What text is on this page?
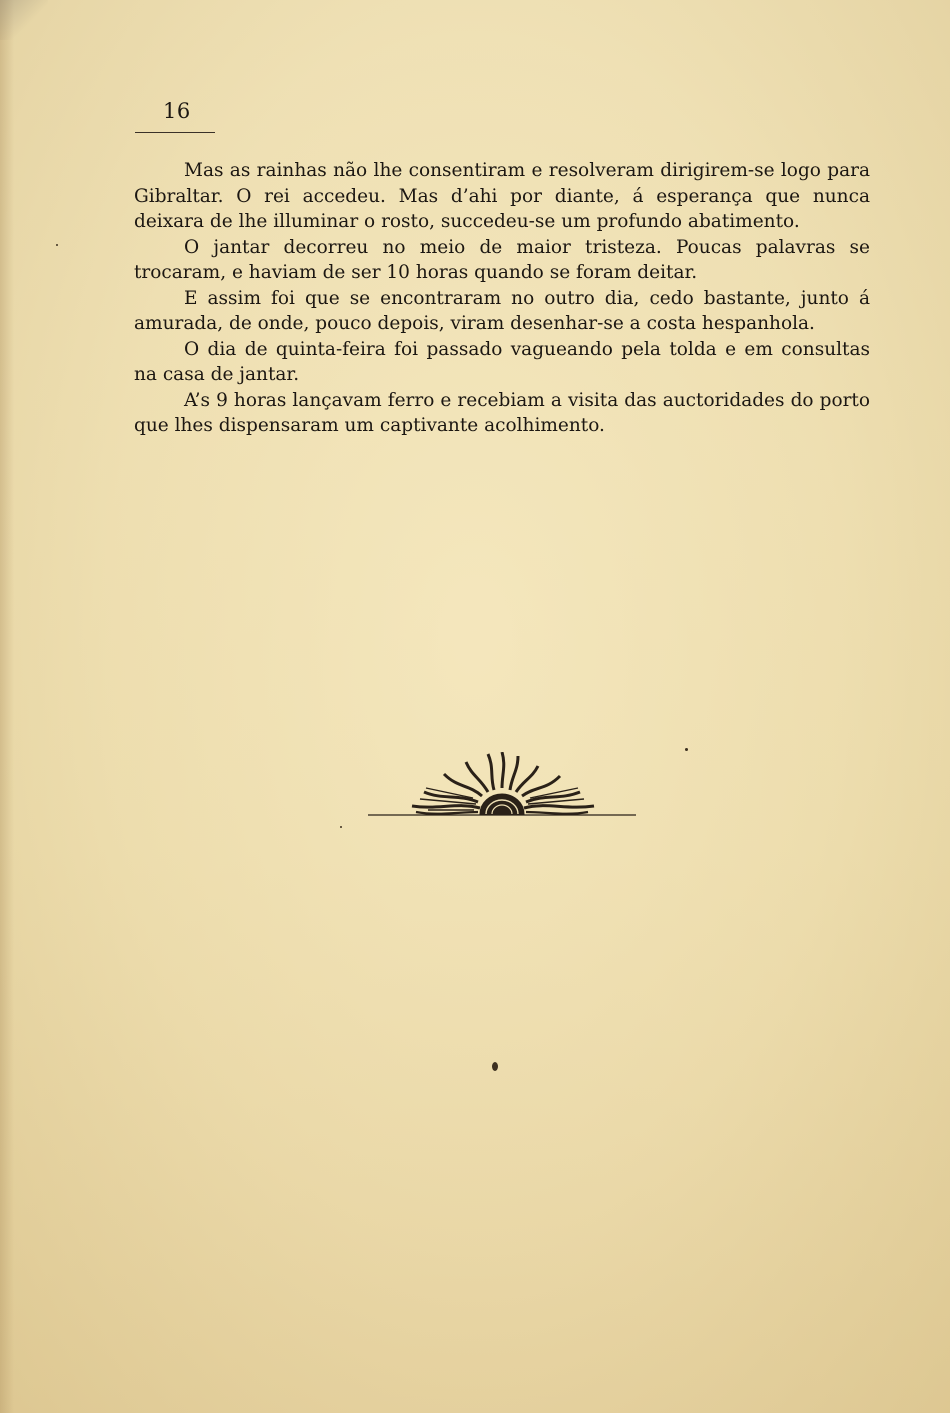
16

Mas as rainhas não lhe consentiram e resolveram dirigirem-se logo para Gibraltar. O rei accedeu. Mas d’ahi por diante, á esperança que nunca deixara de lhe illuminar o rosto, succedeu-se um profundo abatimento.

O jantar decorreu no meio de maior tristeza. Poucas palavras se trocaram, e haviam de ser 10 horas quando se foram deitar.

E assim foi que se encontraram no outro dia, cedo bastante, junto á amurada, de onde, pouco depois, viram desenhar-se a costa hespanhola.

O dia de quinta-feira foi passado vagueando pela tolda e em consultas na casa de jantar.

A’s 9 horas lançavam ferro e recebiam a visita das auctoridades do porto que lhes dispensaram um captivante acolhimento.
